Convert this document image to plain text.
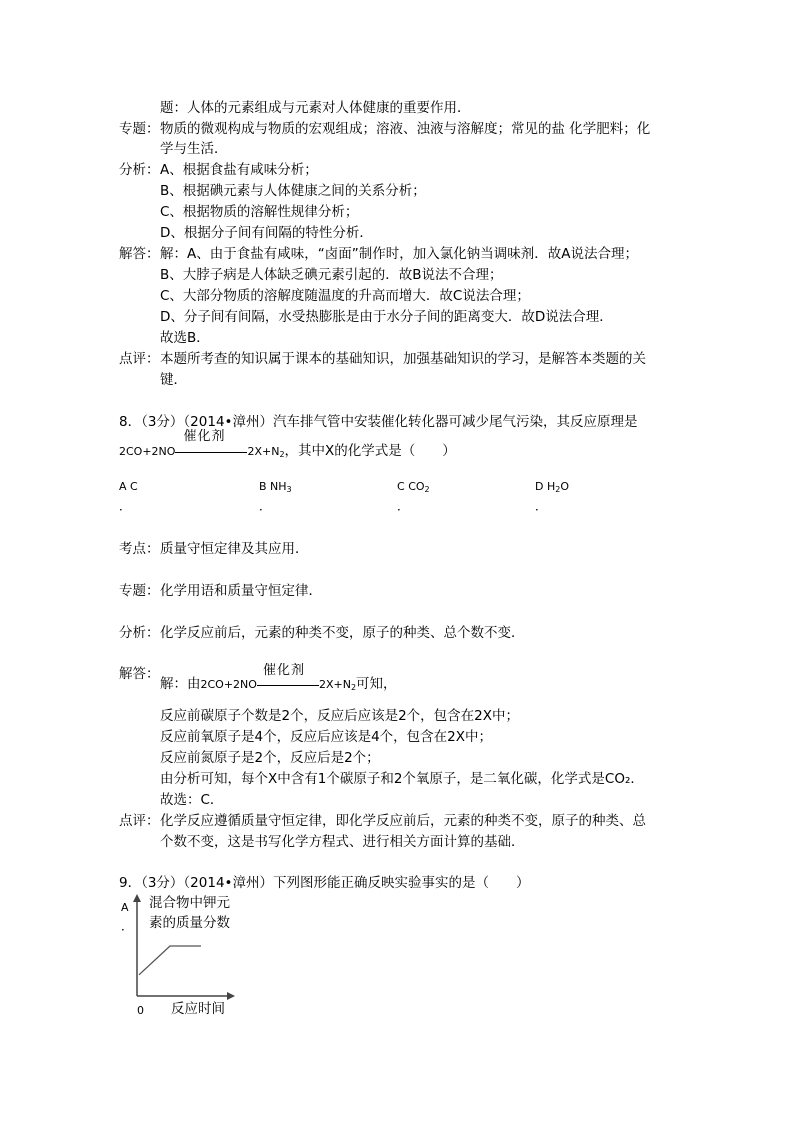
题：人体的元素组成与元素对人体健康的重要作用．
专题： 物质的微观构成与物质的宏观组成；溶液、浊液与溶解度；常见的盐 化学肥料；化
学与生活．
分析： A、根据食盐有咸味分析；
B、根据碘元素与人体健康之间的关系分析；
C、根据物质的溶解性规律分析；
D、根据分子间有间隔的特性分析．
解答： 解：A、由于食盐有咸味，“卤面”制作时，加入氯化钠当调味剂．故A说法合理；
B、大脖子病是人体缺乏碘元素引起的．故B说法不合理；
C、大部分物质的溶解度随温度的升高而增大．故C说法合理；
D、分子间有间隔，水受热膨胀是由于水分子间的距离变大．故D说法合理．
故选B．
点评： 本题所考查的知识属于课本的基础知识，加强基础知识的学习，是解答本类题的关
键．
8．（3分）（2014•漳州）汽车排气管中安装催化转化器可减少尾气污染，其反应原理是
2CO+2NO
催化剂
$2X+N_2$，其中X的化学式是（　　）
A C
．
B $NH_3$
．
C $CO_2$
．
D $H_2O$
．
考点： 质量守恒定律及其应用．
专题： 化学用语和质量守恒定律．
分析： 化学反应前后，元素的种类不变，原子的种类、总个数不变．
解答：
解：由2CO+2NO
催化剂
$2X+N_2$可知，
反应前碳原子个数是2个，反应后应该是2个，包含在2X中；
反应前氧原子是4个，反应后应该是4个，包含在2X中；
反应前氮原子是2个，反应后是2个；
由分析可知，每个X中含有1个碳原子和2个氧原子，是二氧化碳，化学式是CO₂．
故选：C．
点评： 化学反应遵循质量守恒定律，即化学反应前后，元素的种类不变，原子的种类、总
个数不变，这是书写化学方程式、进行相关方面计算的基础．
9．（3分）（2014•漳州）下列图形能正确反映实验事实的是（　　）
A
．
混合物中钾元
素的质量分数
0 反应时间
